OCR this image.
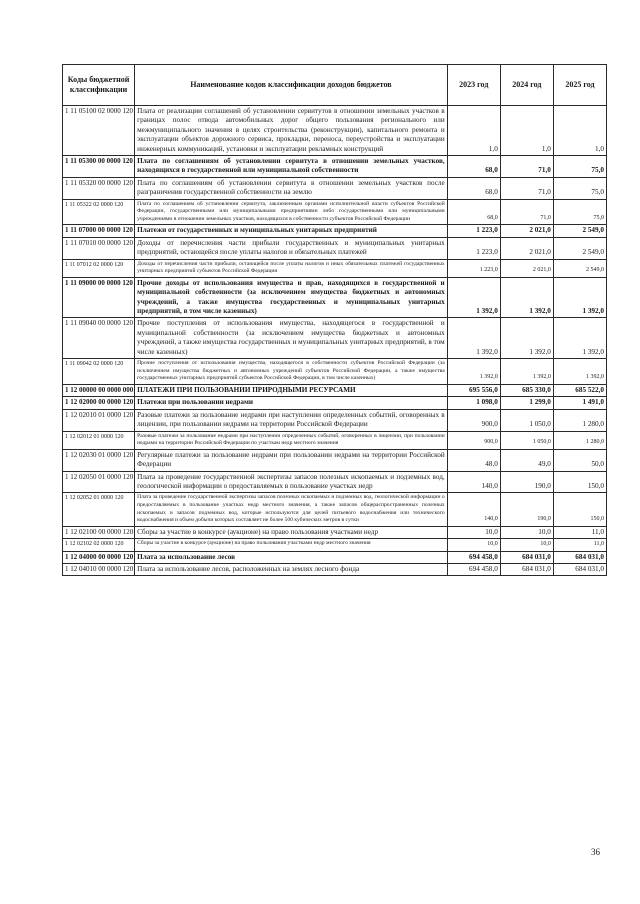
Коды бюджетной классификации	Наименование кодов классификации доходов бюджетов	2023 год	2024 год	2025 год
1 11 05100 02 0000 120	Плата от реализации соглашений об установлении сервитутов в отношении земельных участков в границах полос отвода автомобильных дорог общего пользования регионального или межмуниципального значения в целях строительства (реконструкции), капитального ремонта и эксплуатации объектов дорожного сервиса, прокладки, переноса, переустройства и эксплуатации инженерных коммуникаций, установки и эксплуатации рекламных конструкций	1,0	1,0	1,0
1 11 05300 00 0000 120	Плата по соглашениям об установлении сервитута в отношении земельных участков, находящихся в государственной или муниципальной собственности	68,0	71,0	75,0
1 11 05320 00 0000 120	Плата по соглашениям об установлении сервитута в отношении земельных участков после разграничения государственной собственности на землю	68,0	71,0	75,0
1 11 05322 02 0000 120	Плата по соглашениям об установлении сервитута, заключенным органами исполнительной власти субъектов Российской Федерации, государственными или муниципальными предприятиями либо государственными или муниципальными учреждениями в отношении земельных участков, находящихся в собственности субъектов Российской Федерации	68,0	71,0	75,0
1 11 07000 00 0000 120	Платежи от государственных и муниципальных унитарных предприятий	1 223,0	2 021,0	2 549,0
1 11 07010 00 0000 120	Доходы от перечисления части прибыли государственных и муниципальных унитарных предприятий, остающейся после уплаты налогов и обязательных платежей	1 223,0	2 021,0	2 549,0
1 11 07012 02 0000 120	Доходы от перечисления части прибыли, остающейся после уплаты налогов и иных обязательных платежей государственных унитарных предприятий субъектов Российской Федерации	1 223,0	2 021,0	2 549,0
1 11 09000 00 0000 120	Прочие доходы от использования имущества и прав, находящихся в государственной и муниципальной собственности (за исключением имущества бюджетных и автономных учреждений, а также имущества государственных и муниципальных унитарных предприятий, в том числе казенных)	1 392,0	1 392,0	1 392,0
1 11 09040 00 0000 120	Прочие поступления от использования имущества, находящегося в государственной и муниципальной собственности (за исключением имущества бюджетных и автономных учреждений, а также имущества государственных и муниципальных унитарных предприятий, в том числе казенных)	1 392,0	1 392,0	1 392,0
1 11 09042 02 0000 120	Прочие поступления от использования имущества, находящегося в собственности субъектов Российской Федерации (за исключением имущества бюджетных и автономных учреждений субъектов Российской Федерации, а также имущества государственных унитарных предприятий субъектов Российской Федерации, в том числе казенных)	1 392,0	1 392,0	1 392,0
1 12 00000 00 0000 000	ПЛАТЕЖИ ПРИ ПОЛЬЗОВАНИИ ПРИРОДНЫМИ РЕСУРСАМИ	695 556,0	685 330,0	685 522,0
1 12 02000 00 0000 120	Платежи при пользовании недрами	1 098,0	1 299,0	1 491,0
1 12 02010 01 0000 120	Разовые платежи за пользование недрами при наступлении определенных событий, оговоренных в лицензии, при пользовании недрами на территории Российской Федерации	900,0	1 050,0	1 280,0
1 12 02012 01 0000 120	Разовые платежи за пользование недрами при наступлении определенных событий, оговоренных в лицензии, при пользовании недрами на территории Российской Федерации по участкам недр местного значения	900,0	1 050,0	1 280,0
1 12 02030 01 0000 120	Регулярные платежи за пользование недрами при пользовании недрами на территории Российской Федерации	48,0	49,0	50,0
1 12 02050 01 0000 120	Плата за проведение государственной экспертизы запасов полезных ископаемых и подземных вод, геологической информации о предоставляемых в пользование участках недр	140,0	190,0	150,0
1 12 02052 01 0000 120	Плата за проведение государственной экспертизы запасов полезных ископаемых и подземных вод, геологической информации о предоставляемых в пользование участках недр местного значения, а также запасов общераспространенных полезных ископаемых и запасов подземных вод, которые используются для целей питьевого водоснабжения или технического водоснабжения и объем добычи которых составляет не более 500 кубических метров в сутки	140,0	190,0	150,0
1 12 02100 00 0000 120	Сборы за участие в конкурсе (аукционе) на право пользования участками недр	10,0	10,0	11,0
1 12 02102 02 0000 120	Сборы за участие в конкурсе (аукционе) на право пользования участками недр местного значения	10,0	10,0	11,0
1 12 04000 00 0000 120	Плата за использование лесов	694 458,0	684 031,0	684 031,0
1 12 04010 00 0000 120	Плата за использование лесов, расположенных на землях лесного фонда	694 458,0	684 031,0	684 031,0
36
